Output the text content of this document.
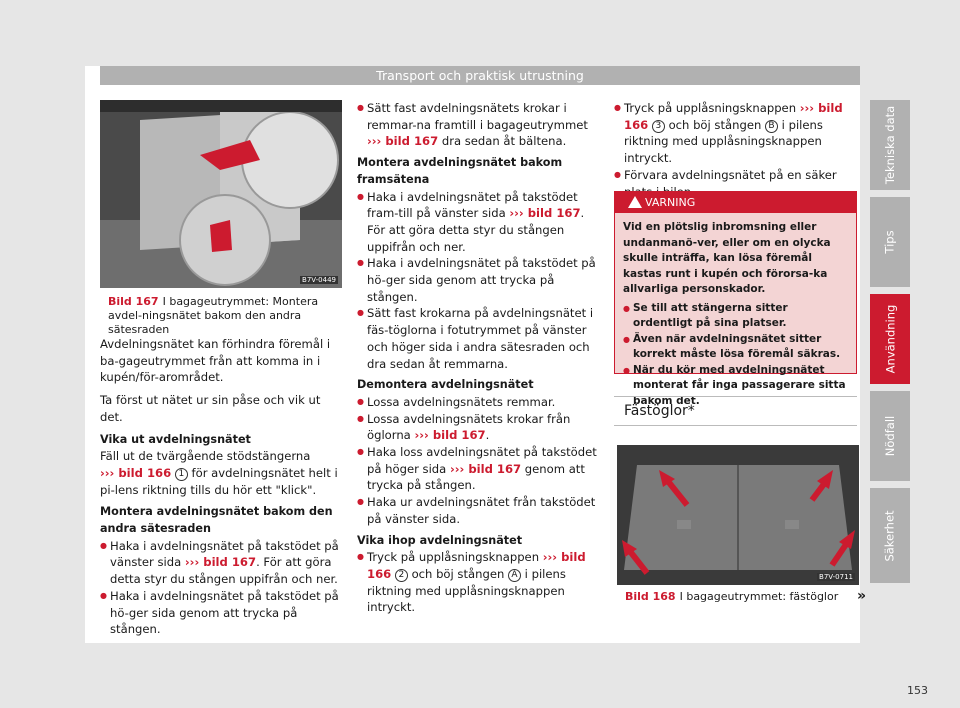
Transport och praktisk utrustning
Tekniska data
Tips
Användning
Nödfall
Säkerhet
B7V-0449
Bild 167 I bagageutrymmet: Montera avdel-ningsnätet bakom den andra sätesraden

Avdelningsnätet kan förhindra föremål i ba-gageutrymmet från att komma in i kupén/för-arområdet.

Ta först ut nätet ur sin påse och vik ut det.

Vika ut avdelningsnätet

Fäll ut de tvärgående stödstängerna
››› bild 166 1 för avdelningsnätet helt i pi-lens riktning tills du hör ett "klick".

Montera avdelningsnätet bakom den andra sätesraden

● Haka i avdelningsnätet på takstödet på vänster sida ››› bild 167. För att göra detta styr du stången uppifrån och ner.
● Haka i avdelningsnätet på takstödet på hö-ger sida genom att trycka på stången.
● Sätt fast avdelningsnätets krokar i remmar-na framtill i bagageutrymmet ››› bild 167 dra sedan åt bältena.

Montera avdelningsnätet bakom framsätena

● Haka i avdelningsnätet på takstödet fram-till på vänster sida ››› bild 167. För att göra detta styr du stången uppifrån och ner.
● Haka i avdelningsnätet på takstödet på hö-ger sida genom att trycka på stången.
● Sätt fast krokarna på avdelningsnätet i fäs-töglorna i fotutrymmet på vänster och höger sida i andra sätesraden och dra sedan åt remmarna.

Demontera avdelningsnätet

● Lossa avdelningsnätets remmar.
● Lossa avdelningsnätets krokar från öglorna ››› bild 167.
● Haka loss avdelningsnätet på takstödet på höger sida ››› bild 167 genom att trycka på stången.
● Haka ur avdelningsnätet från takstödet på vänster sida.

Vika ihop avdelningsnätet

● Tryck på upplåsningsknappen ››› bild 166 2 och böj stången A i pilens riktning med upplåsningsknappen intryckt.
● Tryck på upplåsningsknappen ››› bild 166 3 och böj stången B i pilens riktning med upplåsningsknappen intryckt.
● Förvara avdelningsnätet på en säker
VARNING

Vid en plötslig inbromsning eller undanmanö-ver, eller om en olycka skulle inträffa, kan lösa föremål kastas runt i kupén och förorsa-ka allvarliga personskador.

● Se till att stängerna sitter ordentligt på sina platser.
● Även när avdelningsnätet sitter korrekt måste lösa föremål säkras.
● När du kör med avdelningsnätet monterat får inga passagerare sitta bakom det.
Fästöglor*
B7V-0711
Bild 168 I bagageutrymmet: fästöglor	»
153
